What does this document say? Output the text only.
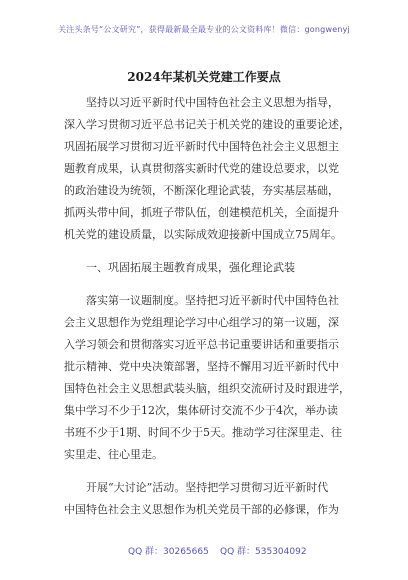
关注头条号“公文研究”，获得最新最全最专业的公文资料库！微信：gongwenyj
2024年某机关党建工作要点
坚持以习近平新时代中国特色社会主义思想为指导，
深入学习贯彻习近平总书记关于机关党的建设的重要论述，
巩固拓展学习贯彻习近平新时代中国特色社会主义思想主
题教育成果，认真贯彻落实新时代党的建设总要求，以党
的政治建设为统领，不断深化理论武装，夯实基层基础，
抓两头带中间，抓班子带队伍，创建模范机关，全面提升
机关党的建设质量，以实际成效迎接新中国成立75周年。
一、巩固拓展主题教育成果，强化理论武装
落实第一议题制度。坚持把习近平新时代中国特色社
会主义思想作为党组理论学习中心组学习的第一议题，深
入学习领会和贯彻落实习近平总书记重要讲话和重要指示
批示精神、党中央决策部署，坚持不懈用习近平新时代中
国特色社会主义思想武装头脑，组织交流研讨及时跟进学，
集中学习不少于12次，集体研讨交流不少于4次，举办读
书班不少于1期、时间不少于5天。推动学习往深里走、往
实里走、往心里走。
开展“大讨论”活动。坚持把学习贯彻习近平新时代
中国特色社会主义思想作为机关党员干部的必修课，作为
QQ 群：30265665 QQ 群：535304092
